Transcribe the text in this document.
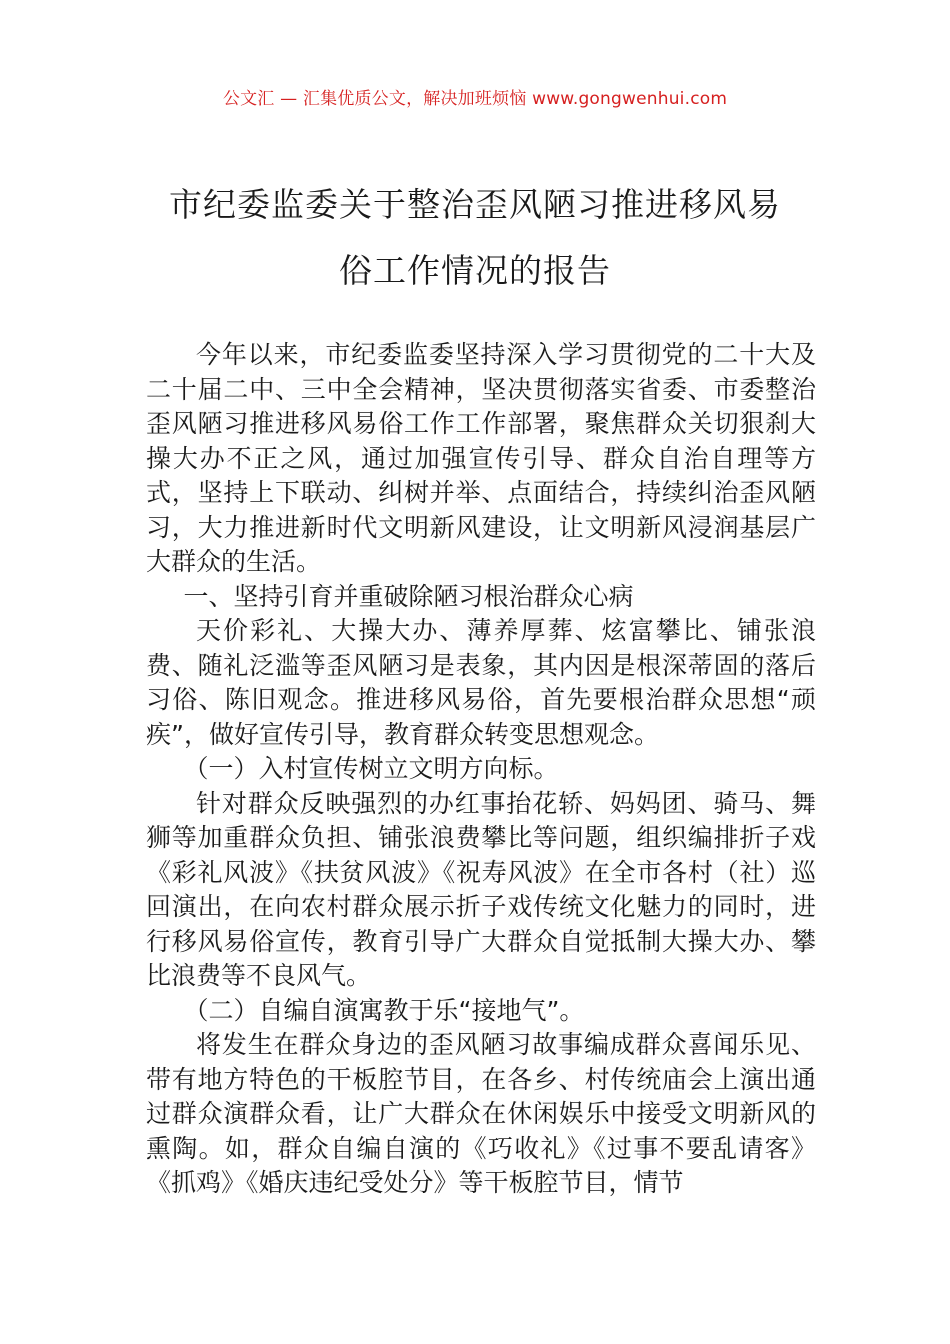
公文汇 — 汇集优质公文，解决加班烦恼 www.gongwenhui.com
市纪委监委关于整治歪风陋习推进移风易
俗工作情况的报告

今年以来，市纪委监委坚持深入学习贯彻党的二十大及二十届二中、三中全会精神，坚决贯彻落实省委、市委整治歪风陋习推进移风易俗工作工作部署，聚焦群众关切狠刹大操大办不正之风，通过加强宣传引导、群众自治自理等方式，坚持上下联动、纠树并举、点面结合，持续纠治歪风陋习，大力推进新时代文明新风建设，让文明新风浸润基层广大群众的生活。

一、坚持引育并重破除陋习根治群众心病

天价彩礼、大操大办、薄养厚葬、炫富攀比、铺张浪费、随礼泛滥等歪风陋习是表象，其内因是根深蒂固的落后习俗、陈旧观念。推进移风易俗，首先要根治群众思想“顽疾”，做好宣传引导，教育群众转变思想观念。

（一）入村宣传树立文明方向标。

针对群众反映强烈的办红事抬花轿、妈妈团、骑马、舞狮等加重群众负担、铺张浪费攀比等问题，组织编排折子戏《彩礼风波》《扶贫风波》《祝寿风波》在全市各村（社）巡回演出，在向农村群众展示折子戏传统文化魅力的同时，进行移风易俗宣传，教育引导广大群众自觉抵制大操大办、攀比浪费等不良风气。

（二）自编自演寓教于乐“接地气”。

将发生在群众身边的歪风陋习故事编成群众喜闻乐见、带有地方特色的干板腔节目，在各乡、村传统庙会上演出通过群众演群众看，让广大群众在休闲娱乐中接受文明新风的熏陶。如，群众自编自演的《巧收礼》《过事不要乱请客》《抓鸡》《婚庆违纪受处分》等干板腔节目，情节
